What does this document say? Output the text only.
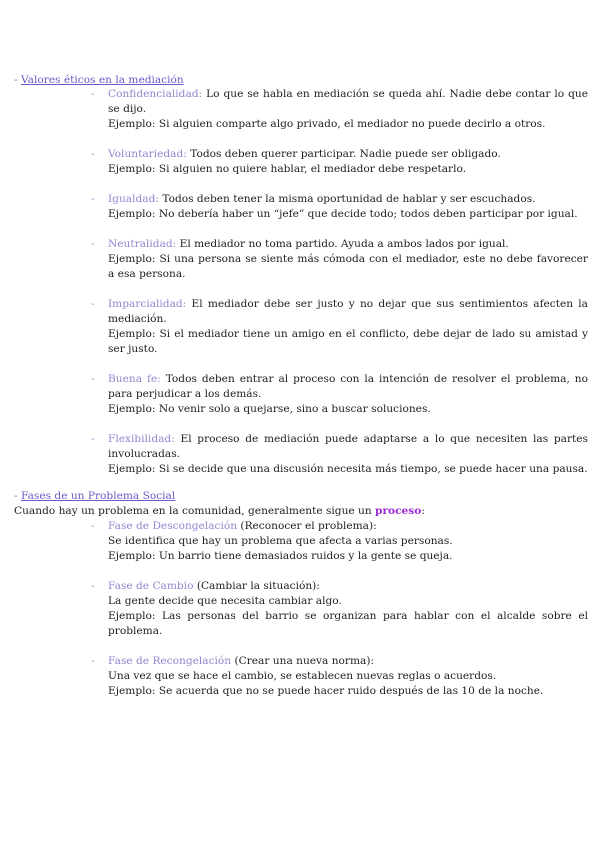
- Valores éticos en la mediación
- Confidencialidad: Lo que se habla en mediación se queda ahí. Nadie debe contar lo que se dijo.

Ejemplo: Si alguien comparte algo privado, el mediador no puede decirlo a otros.

- Voluntariedad: Todos deben querer participar. Nadie puede ser obligado.

Ejemplo: Si alguien no quiere hablar, el mediador debe respetarlo.

- Igualdad: Todos deben tener la misma oportunidad de hablar y ser escuchados.

Ejemplo: No debería haber un “jefe” que decide todo; todos deben participar por igual.

- Neutralidad: El mediador no toma partido. Ayuda a ambos lados por igual.

Ejemplo: Si una persona se siente más cómoda con el mediador, este no debe favorecer a esa persona.

- Imparcialidad: El mediador debe ser justo y no dejar que sus sentimientos afecten la mediación.

Ejemplo: Si el mediador tiene un amigo en el conflicto, debe dejar de lado su amistad y ser justo.

- Buena fe: Todos deben entrar al proceso con la intención de resolver el problema, no para perjudicar a los demás.

Ejemplo: No venir solo a quejarse, sino a buscar soluciones.

- Flexibilidad: El proceso de mediación puede adaptarse a lo que necesiten las partes involucradas.

Ejemplo: Si se decide que una discusión necesita más tiempo, se puede hacer una pausa.

- Fases de un Problema Social

Cuando hay un problema en la comunidad, generalmente sigue un proceso:

- Fase de Descongelación (Reconocer el problema):

Se identifica que hay un problema que afecta a varias personas.

Ejemplo: Un barrio tiene demasiados ruidos y la gente se queja.

- Fase de Cambio (Cambiar la situación):

La gente decide que necesita cambiar algo.

Ejemplo: Las personas del barrio se organizan para hablar con el alcalde sobre el problema.

- Fase de Recongelación (Crear una nueva norma):

Una vez que se hace el cambio, se establecen nuevas reglas o acuerdos.

Ejemplo: Se acuerda que no se puede hacer ruido después de las 10 de la noche.
